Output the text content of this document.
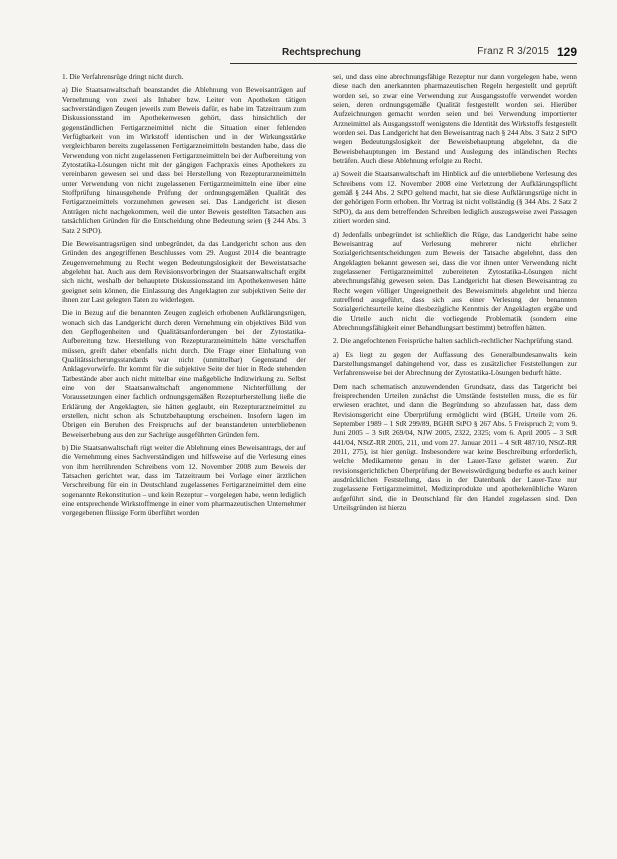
Rechtsprechung	Franz R 3/2015 129

1. Die Verfahrensrüge dringt nicht durch.

a) Die Staatsanwaltschaft beanstandet die Ablehnung von Beweisanträgen auf Vernehmung von zwei als Inhaber bzw. Leiter von Apotheken tätigen sachverständigen Zeugen jeweils zum Beweis dafür, es habe im Tatzeitraum zum Diskussionsstand im Apothekenwesen gehört, dass hinsichtlich der gegenständlichen Fertigarzneimittel nicht die Situation einer fehlenden Verfügbarkeit von im Wirkstoff identischen und in der Wirkungsstärke vergleichbaren bereits zugelassenen Fertigarzneimitteln bestanden habe, dass die Verwendung von nicht zugelassenen Fertigarzneimitteln bei der Aufbereitung von Zytostatika-Lösungen nicht mit der gängigen Fachpraxis eines Apothekers zu vereinbaren gewesen sei und dass bei Herstellung von Rezepturarzneimitteln unter Verwendung von nicht zugelassenen Fertigarzneimitteln eine über eine Stoffprüfung hinausgehende Prüfung der ordnungsgemäßen Qualität des Fertigarzneimittels vorzunehmen gewesen sei. Das Landgericht ist diesen Anträgen nicht nachgekommen, weil die unter Beweis gestellten Tatsachen aus tatsächlichen Gründen für die Entscheidung ohne Bedeutung seien (§ 244 Abs. 3 Satz 2 StPO).

Die Beweisantragsrügen sind unbegründet, da das Landgericht schon aus den Gründen des angegriffenen Beschlusses vom 29. August 2014 die beantragte Zeugenvernehmung zu Recht wegen Bedeutungslosigkeit der Beweistatsache abgelehnt hat. Auch aus dem Revisionsvorbringen der Staatsanwaltschaft ergibt sich nicht, weshalb der behauptete Diskussionsstand im Apothekenwesen hätte geeignet sein können, die Einlassung des Angeklagten zur subjektiven Seite der ihnen zur Last gelegten Taten zu widerlegen.

Die in Bezug auf die benannten Zeugen zugleich erhobenen Aufklärungsrügen, wonach sich das Landgericht durch deren Vernehmung ein objektives Bild von den Gepflogenheiten und Qualitätsanforderungen bei der Zytostatika-Aufbereitung bzw. Herstellung von Rezepturarzneimitteln hätte verschaffen müssen, greift daher ebenfalls nicht durch. Die Frage einer Einhaltung von Qualitätssicherungsstandards war nicht (unmittelbar) Gegenstand der Anklagevorwürfe. Ihr kommt für die subjektive Seite der hier in Rede stehenden Tatbestände aber auch nicht mittelbar eine maßgebliche Indizwirkung zu. Selbst eine von der Staatsanwaltschaft angenommene Nichterfüllung der Voraussetzungen einer fachlich ordnungsgemäßen Rezepturherstellung ließe die Erklärung der Angeklagten, sie hätten geglaubt, ein Rezepturarzneimittel zu erstellen, nicht schon als Schutzbehauptung erscheinen. Insofern lagen im Übrigen ein Beruhen des Freispruchs auf der beanstandeten unterbliebenen Beweiserhebung aus den zur Sachrüge ausgeführten Gründen fern.

b) Die Staatsanwaltschaft rügt weiter die Ablehnung eines Beweisantrags, der auf die Vernehmung eines Sachverständigen und hilfsweise auf die Verlesung eines von ihm herrührenden Schreibens vom 12. November 2008 zum Beweis der Tatsachen gerichtet war, dass im Tatzeitraum bei Vorlage einer ärztlichen Verschreibung für ein in Deutschland zugelassenes Fertigarzneimittel dem eine sogenannte Rekonstitution – und kein Rezeptur – vorgelegen habe, wenn lediglich eine entsprechende Wirkstoffmenge in einer vom pharmazeutischen Unternehmer vorgegebenen flüssige Form überführt worden

sei, und dass eine abrechnungsfähige Rezeptur nur dann vorgelegen habe, wenn diese nach den anerkannten pharmazeutischen Regeln hergestellt und geprüft worden sei, so zwar eine Verwendung zur Ausgangsstoffe verwendet worden seien, deren ordnungsgemäße Qualität festgestellt worden sei. Hierüber Aufzeichnungen gemacht worden seien und bei Verwendung importierter Arzneimittel als Ausgangsstoff wenigstens die Identität des Wirkstoffs festgestellt worden sei. Das Landgericht hat den Beweisantrag nach § 244 Abs. 3 Satz 2 StPO wegen Bedeutungslosigkeit der Beweisbehauptung abgelehnt, da die Beweisbehauptungen im Bestand und Auslegung des inländischen Rechts beträfen. Auch diese Ablehnung erfolgte zu Recht.

a) Soweit die Staatsanwaltschaft im Hinblick auf die unterbliebene Verlesung des Schreibens vom 12. November 2008 eine Verletzung der Aufklärungspflicht gemäß § 244 Abs. 2 StPO geltend macht, hat sie diese Aufklärungsrüge nicht in der gehörigen Form erhoben. Ihr Vortrag ist nicht vollständig (§ 344 Abs. 2 Satz 2 StPO), da aus dem betreffenden Schreiben lediglich auszugsweise zwei Passagen zitiert worden sind.

d) Jedenfalls unbegründet ist schließlich die Rüge, das Landgericht habe seine Beweisantrag auf Verlesung mehrerer nicht ehrlicher Sozialgerichtsentscheidungen zum Beweis der Tatsache abgelehnt, dass den Angeklagten bekannt gewesen sei, dass die vor ihnen unter Verwendung nicht zugelassener Fertigarzneimittel zubereiteten Zytostatika-Lösungen nicht abrechnungsfähig gewesen seien. Das Landgericht hat diesen Beweisantrag zu Recht wegen völliger Ungeeignetheit des Beweismittels abgelehnt und hierzu zutreffend ausgeführt, dass sich aus einer Verlesung der benannten Sozialgerichtsurteile keine diesbezügliche Kenntnis der Angeklagten ergäbe und die Urteile auch nicht die vorliegende Problematik (sondern eine Abrechnungsfähigkeit einer Behandlungsart bestimmt) betroffen hätten.

2. Die angefochtenen Freisprüche halten sachlich-rechtlicher Nachprüfung stand.

a) Es liegt zu gegen der Auffassung des Generalbundesanwalts kein Darstellungsmangel dahingehend vor, dass es zusätzlicher Feststellungen zur Verfahrensweise bei der Abrechnung der Zytostatika-Lösungen bedurft hätte.

Dem nach schematisch anzuwendenden Grundsatz, dass das Tatgericht bei freisprechenden Urteilen zunächst die Umstände feststellen muss, die es für erwiesen erachtet, und dann die Begründung so abzufassen hat, dass dem Revisionsgericht eine Überprüfung ermöglicht wird (BGH, Urteile vom 26. September 1989 – 1 StR 299/89, BGHR StPO § 267 Abs. 5 Freispruch 2; vom 9. Juni 2005 – 3 StR 269/04, NJW 2005, 2322, 2325; vom 6. April 2005 – 3 StR 441/04, NStZ-RR 2005, 211, und vom 27. Januar 2011 – 4 StR 487/10, NStZ-RR 2011, 275), ist hier genügt. Insbesondere war keine Beschreibung erforderlich, welche Medikamente genau in der Lauer-Taxe gelistet waren. Zur revisionsgerichtlichen Überprüfung der Beweiswürdigung bedurfte es auch keiner ausdrücklichen Feststellung, dass in der Datenbank der Lauer-Taxe nur zugelassene Fertigarzneimittel, Medizinprodukte und apothekenübliche Waren aufgeführt sind, die in Deutschland für den Handel zugelassen sind. Den Urteilsgründen ist hierzu
